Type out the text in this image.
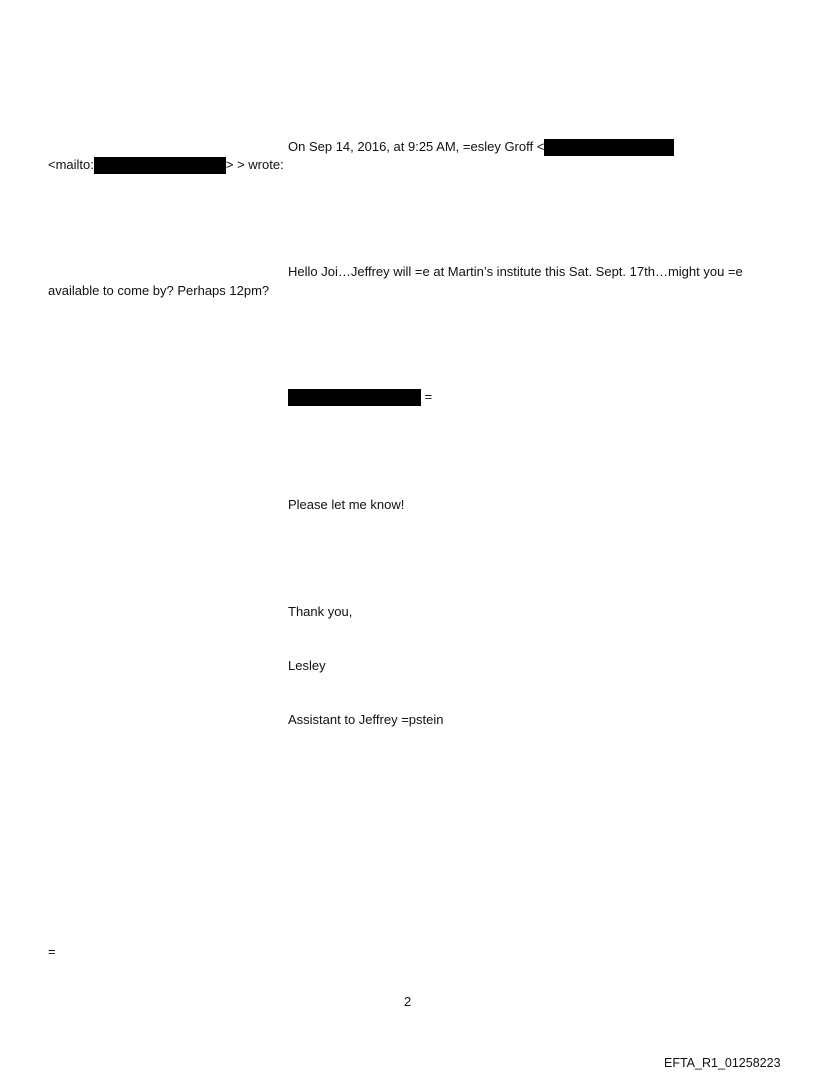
On Sep 14, 2016, at 9:25 AM, =esley Groff <
<mailto:	> > wrote:
Hello Joi…Jeffrey will =e at Martin’s institute this Sat. Sept. 17th…might you =e
available to come by? Perhaps 12pm?
=
Please let me know!
Thank you,
Lesley
Assistant to Jeffrey =pstein
=
2
EFTA_R1_01258223
